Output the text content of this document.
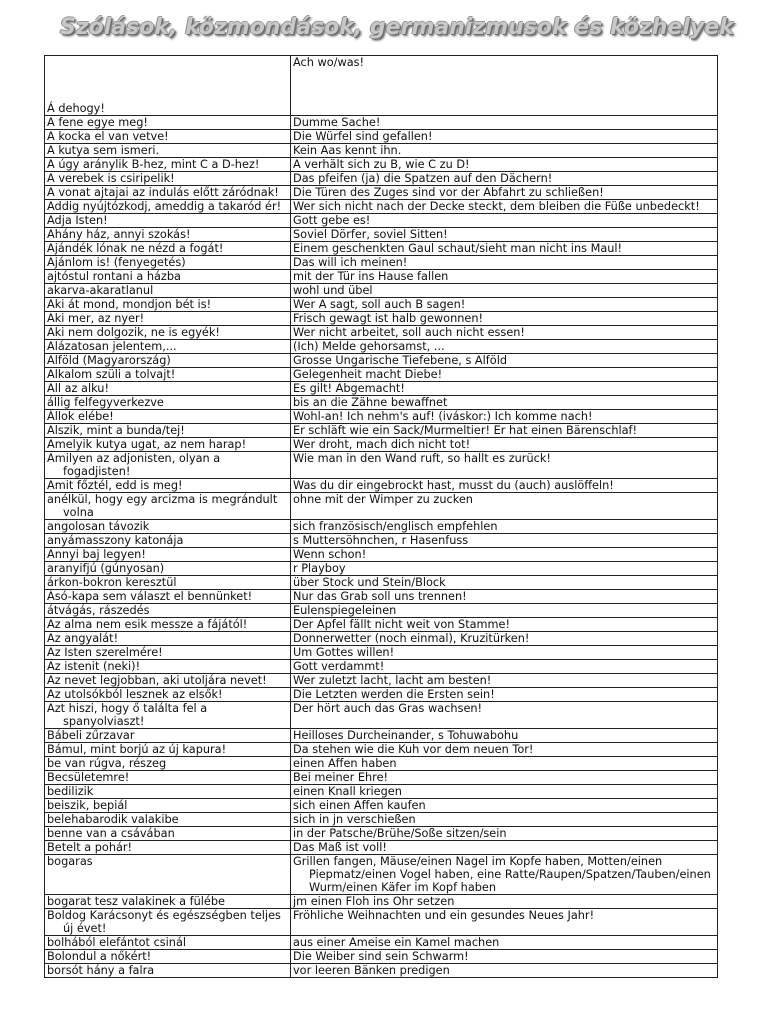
Szólások, közmondások, germanizmusok és közhelyek
Á dehogy!	Ach wo/was!

A fene egye meg!	Dumme Sache!

A kocka el van vetve!	Die Würfel sind gefallen!

A kutya sem ismeri.	Kein Aas kennt ihn.

A úgy aránylik B-hez, mint C a D-hez!	A verhält sich zu B, wie C zu D!

A verebek is csiripelik!	Das pfeifen (ja) die Spatzen auf den Dächern!

A vonat ajtajai az indulás előtt záródnak!	Die Türen des Zuges sind vor der Abfahrt zu schließen!

Addig nyújtózkodj, ameddig a takaród ér!	Wer sich nicht nach der Decke steckt, dem bleiben die Füße unbedeckt!

Adja Isten!	Gott gebe es!

Ahány ház, annyi szokás!	Soviel Dörfer, soviel Sitten!

Ajándék lónak ne nézd a fogát!	Einem geschenkten Gaul schaut/sieht man nicht ins Maul!

Ajánlom is! (fenyegetés)	Das will ich meinen!

ajtóstul rontani a házba	mit der Tür ins Hause fallen

akarva-akaratlanul	wohl und übel

Aki át mond, mondjon bét is!	Wer A sagt, soll auch B sagen!

Aki mer, az nyer!	Frisch gewagt ist halb gewonnen!

Aki nem dolgozik, ne is egyék!	Wer nicht arbeitet, soll auch nicht essen!

Alázatosan jelentem,...	(Ich) Melde gehorsamst, ...

Alföld (Magyarország)	Grosse Ungarische Tiefebene, s Alföld

Alkalom szüli a tolvajt!	Gelegenheit macht Diebe!

All az alku!	Es gilt! Abgemacht!

állig felfegyverkezve	bis an die Zähne bewaffnet

Állok elébe!	Wohl-an! Ich nehm's auf! (iváskor:) Ich komme nach!

Alszik, mint a bunda/tej!	Er schläft wie ein Sack/Murmeltier! Er hat einen Bärenschlaf!

Amelyik kutya ugat, az nem harap!	Wer droht, mach dich nicht tot!

Amilyen az adjonisten, olyan a fogadjisten!	Wie man in den Wand ruft, so hallt es zurück!

Amit főztél, edd is meg!	Was du dir eingebrockt hast, musst du (auch) auslöffeln!

anélkül, hogy egy arcizma is megrándult volna	ohne mit der Wimper zu zucken

angolosan távozik	sich französisch/englisch empfehlen

anyámasszony katonája	s Muttersöhnchen, r Hasenfuss

Annyi baj legyen!	Wenn schon!

aranyifjú (gúnyosan)	r Playboy

árkon-bokron keresztül	über Stock und Stein/Block

Ásó-kapa sem választ el bennünket!	Nur das Grab soll uns trennen!

átvágás, rászedés	Eulenspiegeleinen

Az alma nem esik messze a fájától!	Der Apfel fällt nicht weit von Stamme!

Az angyalát!	Donnerwetter (noch einmal), Kruzitürken!

Az Isten szerelmére!	Um Gottes willen!

Az istenit (neki)!	Gott verdammt!

Az nevet legjobban, aki utoljára nevet!	Wer zuletzt lacht, lacht am besten!

Az utolsókból lesznek az elsők!	Die Letzten werden die Ersten sein!

Azt hiszi, hogy ő találta fel a spanyolviaszt!	Der hört auch das Gras wachsen!

Bábeli zűrzavar	Heilloses Durcheinander, s Tohuwabohu

Bámul, mint borjú az új kapura!	Da stehen wie die Kuh vor dem neuen Tor!

be van rúgva, részeg	einen Affen haben

Becsületemre!	Bei meiner Ehre!

bedilizik	einen Knall kriegen

beiszik, bepiál	sich einen Affen kaufen

belehabarodik valakibe	sich in jn verschießen

benne van a csávában	in der Patsche/Brühe/Soße sitzen/sein

Betelt a pohár!	Das Maß ist voll!

bogaras	Grillen fangen, Mäuse/einen Nagel im Kopfe haben, Motten/einen Piepmatz/einen Vogel haben, eine Ratte/Raupen/Spatzen/Tauben/einen Wurm/einen Käfer im Kopf haben

bogarat tesz valakinek a fülébe	jm einen Floh ins Ohr setzen

Boldog Karácsonyt és egészségben teljes új évet!	Fröhliche Weihnachten und ein gesundes Neues Jahr!

bolhából elefántot csinál	aus einer Ameise ein Kamel machen

Bolondul a nőkért!	Die Weiber sind sein Schwarm!

borsót hány a falra	vor leeren Bänken predigen
